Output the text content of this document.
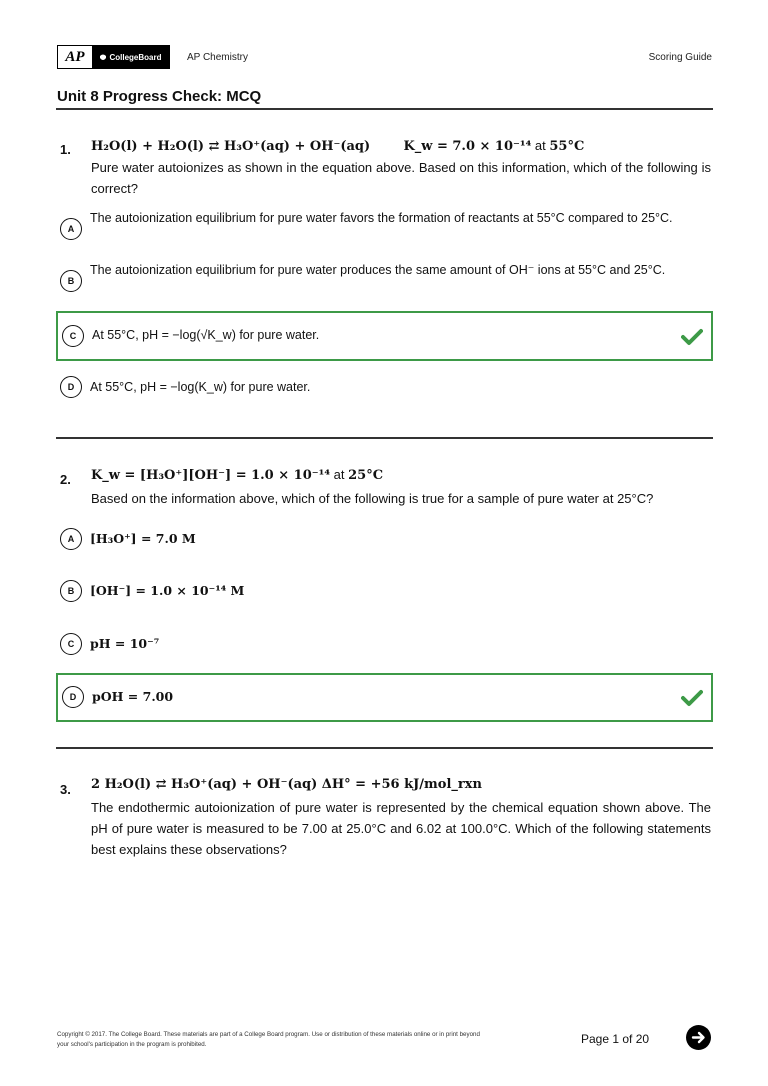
AP	CollegeBoard	AP Chemistry	Scoring Guide
Unit 8 Progress Check: MCQ
1. H₂O(l) + H₂O(l) ⇄ H₃O⁺(aq) + OH⁻(aq)	K_w = 7.0 × 10⁻¹⁴ at 55°C
Pure water autoionizes as shown in the equation above. Based on this information, which of the following is correct?
A
The autoionization equilibrium for pure water favors the formation of reactants at 55°C compared to 25°C.
B
The autoionization equilibrium for pure water produces the same amount of OH⁻ ions at 55°C and 25°C.
C	At 55°C, pH = −log(√K_w) for pure water.
D	At 55°C, pH = −log(K_w) for pure water.
2. K_w = [H₃O⁺][OH⁻] = 1.0 × 10⁻¹⁴ at 25°C
Based on the information above, which of the following is true for a sample of pure water at 25°C?
A	[H₃O⁺] = 7.0 M
B	[OH⁻] = 1.0 × 10⁻¹⁴ M
C	pH = 10⁻⁷
D	pOH = 7.00
3. 2 H₂O(l) ⇄ H₃O⁺(aq) + OH⁻(aq) ΔH° = +56 kJ/mol_rxn
The endothermic autoionization of pure water is represented by the chemical equation shown above. The pH of pure water is measured to be 7.00 at 25.0°C and 6.02 at 100.0°C. Which of the following statements best explains these observations?
Copyright © 2017. The College Board. These materials are part of a College Board program. Use or distribution of these materials online or in print beyond your school's participation in the program is prohibited.	Page 1 of 20
